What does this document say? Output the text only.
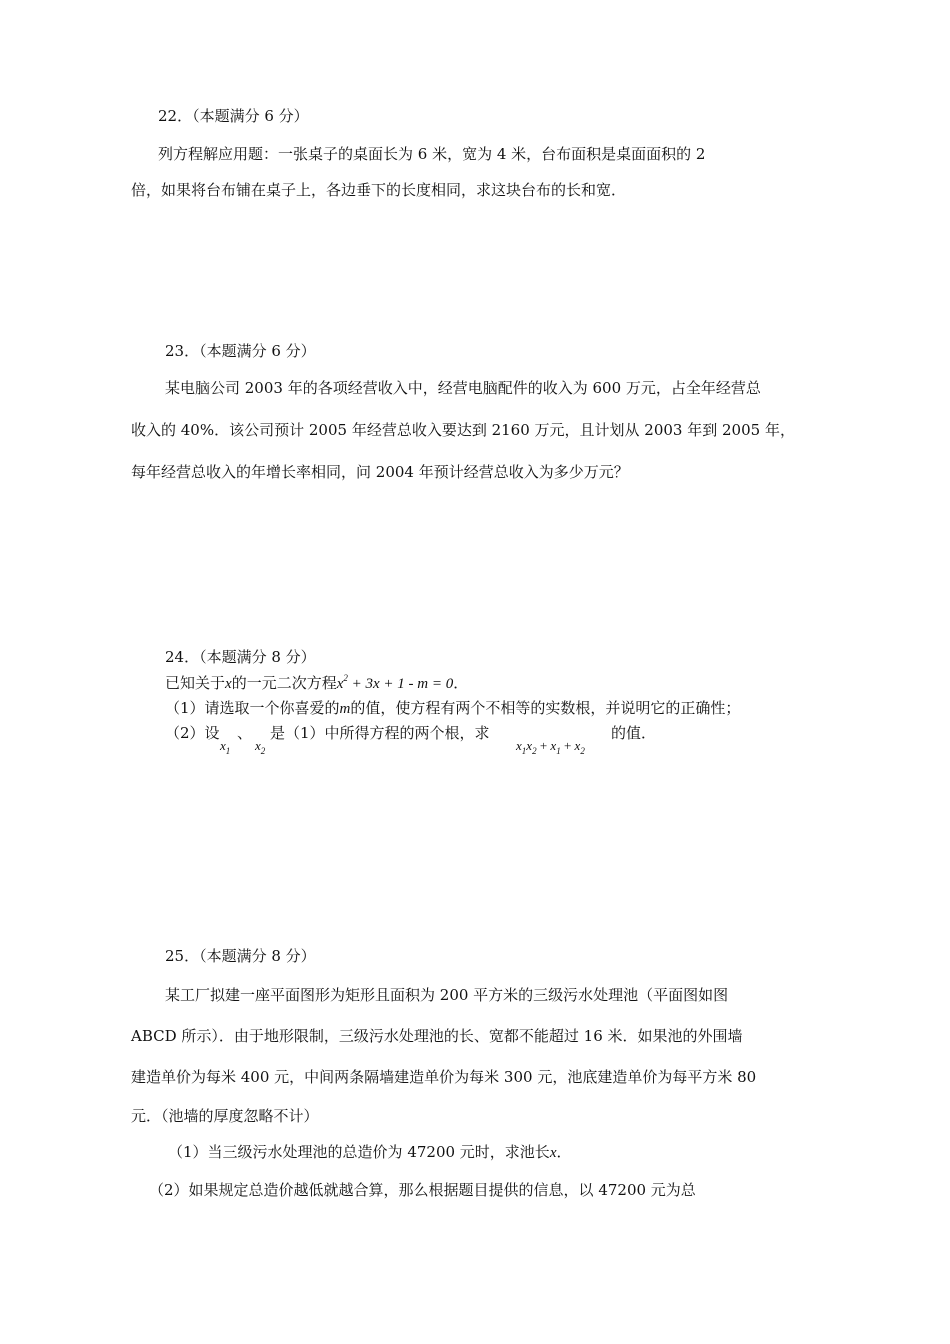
22．（本题满分 6 分）
列方程解应用题：一张桌子的桌面长为 6 米，宽为 4 米，台布面积是桌面面积的 2
倍，如果将台布铺在桌子上，各边垂下的长度相同，求这块台布的长和宽．
23．（本题满分 6 分）
某电脑公司 2003 年的各项经营收入中，经营电脑配件的收入为 600 万元，占全年经营总
收入的 40%．该公司预计 2005 年经营总收入要达到 2160 万元，且计划从 2003 年到 2005 年，
每年经营总收入的年增长率相同，问 2004 年预计经营总收入为多少万元？
24．（本题满分 8 分）
已知关于x的一元二次方程$x^2 + 3x + 1 - m = 0$．
（1）请选取一个你喜爱的m的值，使方程有两个不相等的实数根，并说明它的正确性；
（2）设 、 是（1）中所得方程的两个根，求	的值．
$x_1$ $x_2$	$x_1x_2 + x_1 + x_2$
25．（本题满分 8 分）
某工厂拟建一座平面图形为矩形且面积为 200 平方米的三级污水处理池（平面图如图
ABCD 所示）．由于地形限制，三级污水处理池的长、宽都不能超过 16 米．如果池的外围墙
建造单价为每米 400 元，中间两条隔墙建造单价为每米 300 元，池底建造单价为每平方米 80
元．（池墙的厚度忽略不计）
（1）当三级污水处理池的总造价为 47200 元时，求池长x．
（2）如果规定总造价越低就越合算，那么根据题目提供的信息，以 47200 元为总
